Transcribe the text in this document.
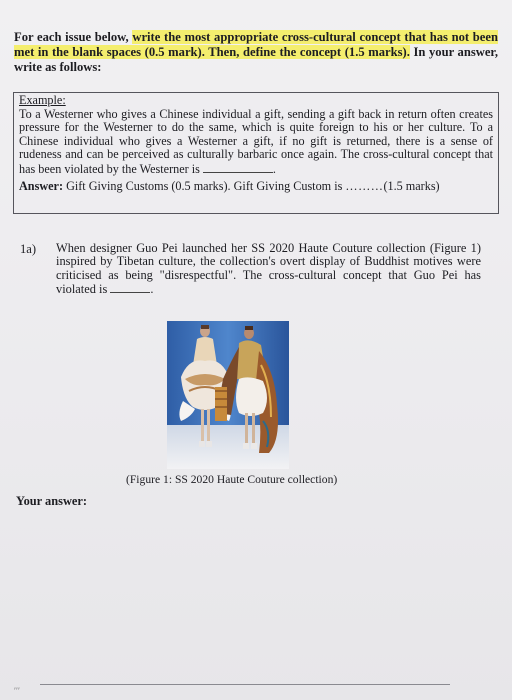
For each issue below, write the most appropriate cross-cultural concept that has not been met in the blank spaces (0.5 mark). Then, define the concept (1.5 marks). In your answer, write as follows:
Example:
To a Westerner who gives a Chinese individual a gift, sending a gift back in return often creates pressure for the Westerner to do the same, which is quite foreign to his or her culture. To a Chinese individual who gives a Westerner a gift, if no gift is returned, there is a sense of rudeness and can be perceived as culturally barbaric once again. The cross-cultural concept that has been violated by the Westerner is	.
Answer: Gift Giving Customs (0.5 marks). Gift Giving Custom is ………(1.5 marks)
1a) When designer Guo Pei launched her SS 2020 Haute Couture collection (Figure 1) inspired by Tibetan culture, the collection's overt display of Buddhist motives were criticised as being "disrespectful". The cross-cultural concept that Guo Pei has violated is	.
(Figure 1: SS 2020 Haute Couture collection)
Your answer:
′′′
